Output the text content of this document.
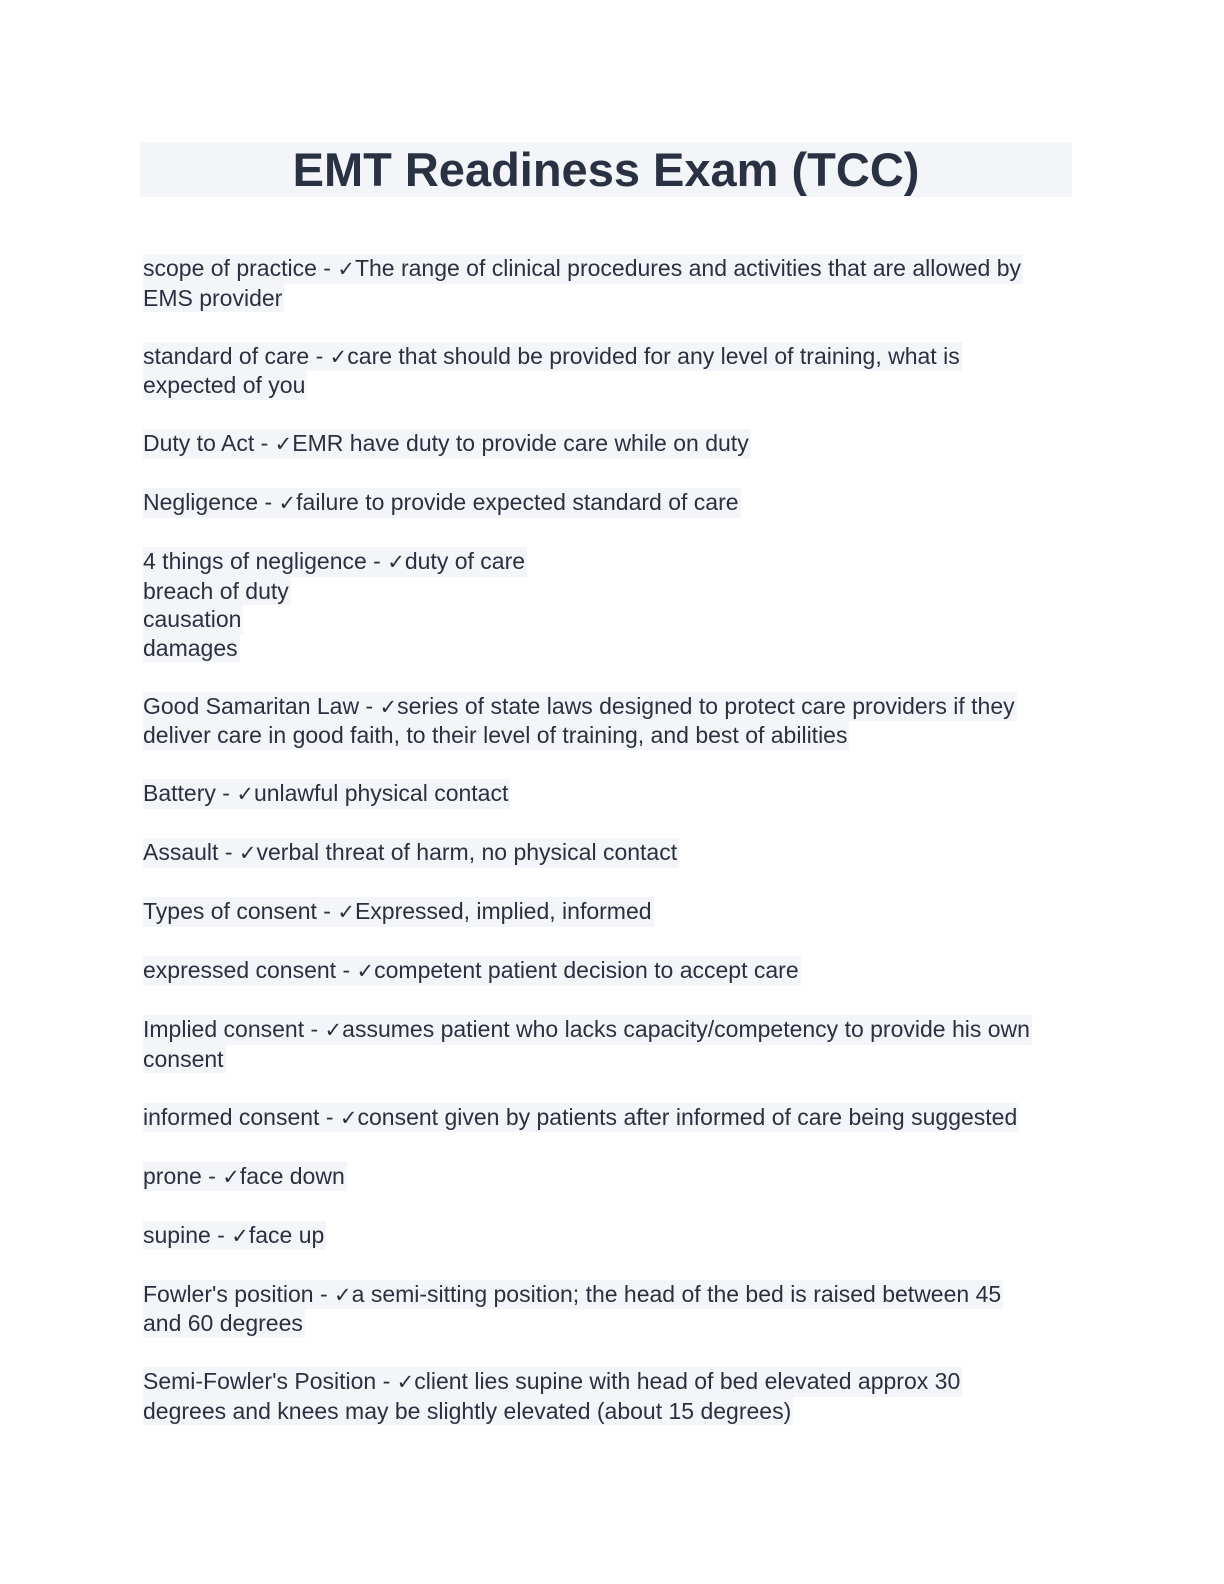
EMT Readiness Exam (TCC)
scope of practice - ✓The range of clinical procedures and activities that are allowed by
EMS provider
standard of care - ✓care that should be provided for any level of training, what is
expected of you
Duty to Act - ✓EMR have duty to provide care while on duty
Negligence - ✓failure to provide expected standard of care
4 things of negligence - ✓duty of care
breach of duty
causation
damages
Good Samaritan Law - ✓series of state laws designed to protect care providers if they
deliver care in good faith, to their level of training, and best of abilities
Battery - ✓unlawful physical contact
Assault - ✓verbal threat of harm, no physical contact
Types of consent - ✓Expressed, implied, informed
expressed consent - ✓competent patient decision to accept care
Implied consent - ✓assumes patient who lacks capacity/competency to provide his own
consent
informed consent - ✓consent given by patients after informed of care being suggested
prone - ✓face down
supine - ✓face up
Fowler's position - ✓a semi-sitting position; the head of the bed is raised between 45
and 60 degrees
Semi-Fowler's Position - ✓client lies supine with head of bed elevated approx 30
degrees and knees may be slightly elevated (about 15 degrees)
